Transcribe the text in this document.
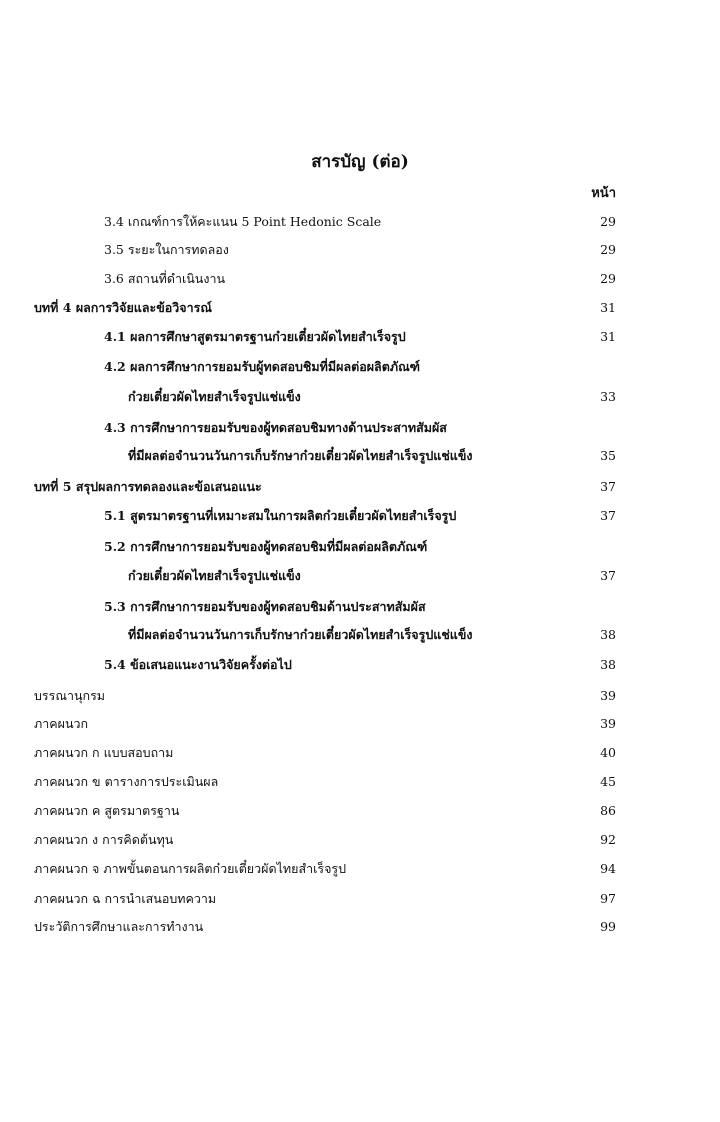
สารบัญ (ต่อ)
หน้า
3.4 เกณฑ์การให้คะแนน 5 Point Hedonic Scale	29
3.5 ระยะในการทดลอง	29
3.6 สถานที่ดำเนินงาน	29
บทที่ 4 ผลการวิจัยและข้อวิจารณ์	31
4.1 ผลการศึกษาสูตรมาตรฐานก๋วยเตี๋ยวผัดไทยสำเร็จรูป	31
4.2 ผลการศึกษาการยอมรับผู้ทดสอบชิมที่มีผลต่อผลิตภัณฑ์
ก๋วยเตี๋ยวผัดไทยสำเร็จรูปแช่แข็ง	33
4.3 การศึกษาการยอมรับของผู้ทดสอบชิมทางด้านประสาทสัมผัส
ที่มีผลต่อจำนวนวันการเก็บรักษาก๋วยเตี๋ยวผัดไทยสำเร็จรูปแช่แข็ง	35
บทที่ 5 สรุปผลการทดลองและข้อเสนอแนะ	37
5.1 สูตรมาตรฐานที่เหมาะสมในการผลิตก๋วยเตี๋ยวผัดไทยสำเร็จรูป	37
5.2 การศึกษาการยอมรับของผู้ทดสอบชิมที่มีผลต่อผลิตภัณฑ์
ก๋วยเตี๋ยวผัดไทยสำเร็จรูปแช่แข็ง	37
5.3 การศึกษาการยอมรับของผู้ทดสอบชิมด้านประสาทสัมผัส
ที่มีผลต่อจำนวนวันการเก็บรักษาก๋วยเตี๋ยวผัดไทยสำเร็จรูปแช่แข็ง	38
5.4 ข้อเสนอแนะงานวิจัยครั้งต่อไป	38
บรรณานุกรม	39
ภาคผนวก	39
ภาคผนวก ก แบบสอบถาม	40
ภาคผนวก ข ตารางการประเมินผล	45
ภาคผนวก ค สูตรมาตรฐาน	86
ภาคผนวก ง การคิดต้นทุน	92
ภาคผนวก จ ภาพขั้นตอนการผลิตก๋วยเตี๋ยวผัดไทยสำเร็จรูป	94
ภาคผนวก ฉ การนำเสนอบทความ	97
ประวัติการศึกษาและการทำงาน	99
